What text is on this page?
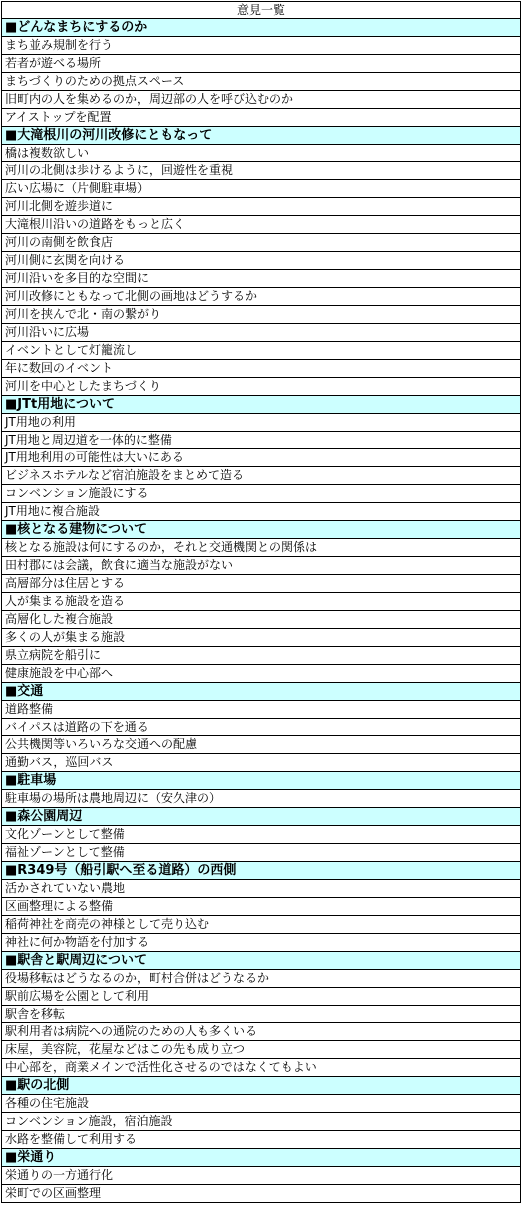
意見一覧
■どんなまちにするのか
まち並み規制を行う
若者が遊べる場所
まちづくりのための拠点スペース
旧町内の人を集めるのか，周辺部の人を呼び込むのか
アイストップを配置
■大滝根川の河川改修にともなって
橋は複数欲しい
河川の北側は歩けるように，回遊性を重視
広い広場に（片側駐車場）
河川北側を遊歩道に
大滝根川沿いの道路をもっと広く
河川の南側を飲食店
河川側に玄関を向ける
河川沿いを多目的な空間に
河川改修にともなって北側の画地はどうするか
河川を挟んで北・南の繋がり
河川沿いに広場
イベントとして灯籠流し
年に数回のイベント
河川を中心としたまちづくり
■JTt用地について
JT用地の利用
JT用地と周辺道を一体的に整備
JT用地利用の可能性は大いにある
ビジネスホテルなど宿泊施設をまとめて造る
コンベンション施設にする
JT用地に複合施設
■核となる建物について
核となる施設は何にするのか，それと交通機関との関係は
田村郡には会議，飲食に適当な施設がない
高層部分は住居とする
人が集まる施設を造る
高層化した複合施設
多くの人が集まる施設
県立病院を船引に
健康施設を中心部へ
■交通
道路整備
バイパスは道路の下を通る
公共機関等いろいろな交通への配慮
通勤バス，巡回バス
■駐車場
駐車場の場所は農地周辺に（安久津の）
■森公園周辺
文化ゾーンとして整備
福祉ゾーンとして整備
■R349号（船引駅へ至る道路）の西側
活かされていない農地
区画整理による整備
稲荷神社を商売の神様として売り込む
神社に何か物語を付加する
■駅舎と駅周辺について
役場移転はどうなるのか，町村合併はどうなるか
駅前広場を公園として利用
駅舎を移転
駅利用者は病院への通院のための人も多くいる
床屋，美容院，花屋などはこの先も成り立つ
中心部を，商業メインで活性化させるのではなくてもよい
■駅の北側
各種の住宅施設
コンベンション施設，宿泊施設
水路を整備して利用する
■栄通り
栄通りの一方通行化
栄町での区画整理
